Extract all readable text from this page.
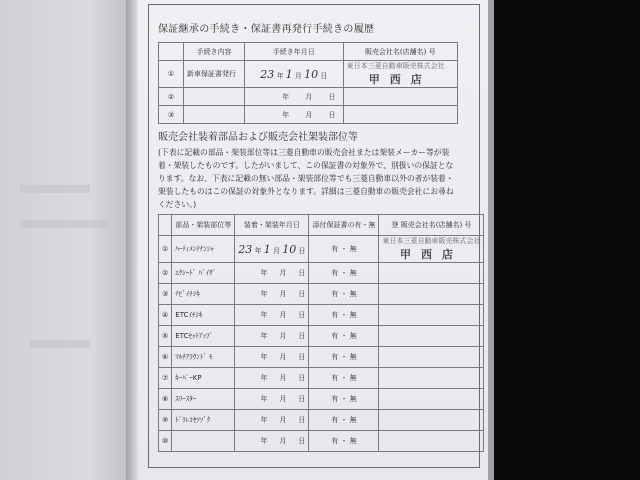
保証継承の手続き・保証書再発行手続きの履歴
	手続き内容	手続き年月日	販売会社名(店舗名) 号
①	新車保証書発行	23 年 1 月 10 日	東日本三菱自動車販売株式会社
甲西店

②		年 月 日	
③		年 月 日	
販売会社装着部品および販売会社架装部位等
(下表に記載の部品・架装部位等は三菱自動車の販売会社または架装メーカー等が装着・架装したものです。したがいまして、この保証書の対象外で、別扱いの保証となります。なお、下表に記載の無い部品・架装部位等でも三菱自動車以外の者が装着・架装したものはこの保証の対象外となります。詳細は三菱自動車の販売会社にお尋ねください。)
	部品・架装部位等	装着・架装年月日	添付保証書の有・無	登 販売会社名(店舗名) 号
①	ﾊｰﾃｨﾒﾝﾃﾅﾝｼｬ	23 年 1 月 10 日	有 ・ 無	東日本三菱自動車販売株式会社
甲西店

②	ｴｸｼｰﾄﾞ ﾊﾞｲｻﾞ	年 月 日	有 ・ 無	
③	ﾅﾋﾞｲﾁｼｷ	年 月 日	有 ・ 無	
④	ETCｲﾁｼｷ	年 月 日	有 ・ 無	
⑤	ETCｾｯﾄｱｯﾌﾟ	年 月 日	有 ・ 無	
⑥	ﾏﾙﾁｱﾗｳﾝﾄﾞ ﾓ	年 月 日	有 ・ 無	
⑦	ｷｰﾊﾟｰKP	年 月 日	有 ・ 無	
⑧	ｽﾘｰｽﾀｰ	年 月 日	有 ・ 無	
⑨	ﾄﾞﾗﾚｺｾﾂｿﾞｸ	年 月 日	有 ・ 無	
⑩		年 月 日	有 ・ 無	
